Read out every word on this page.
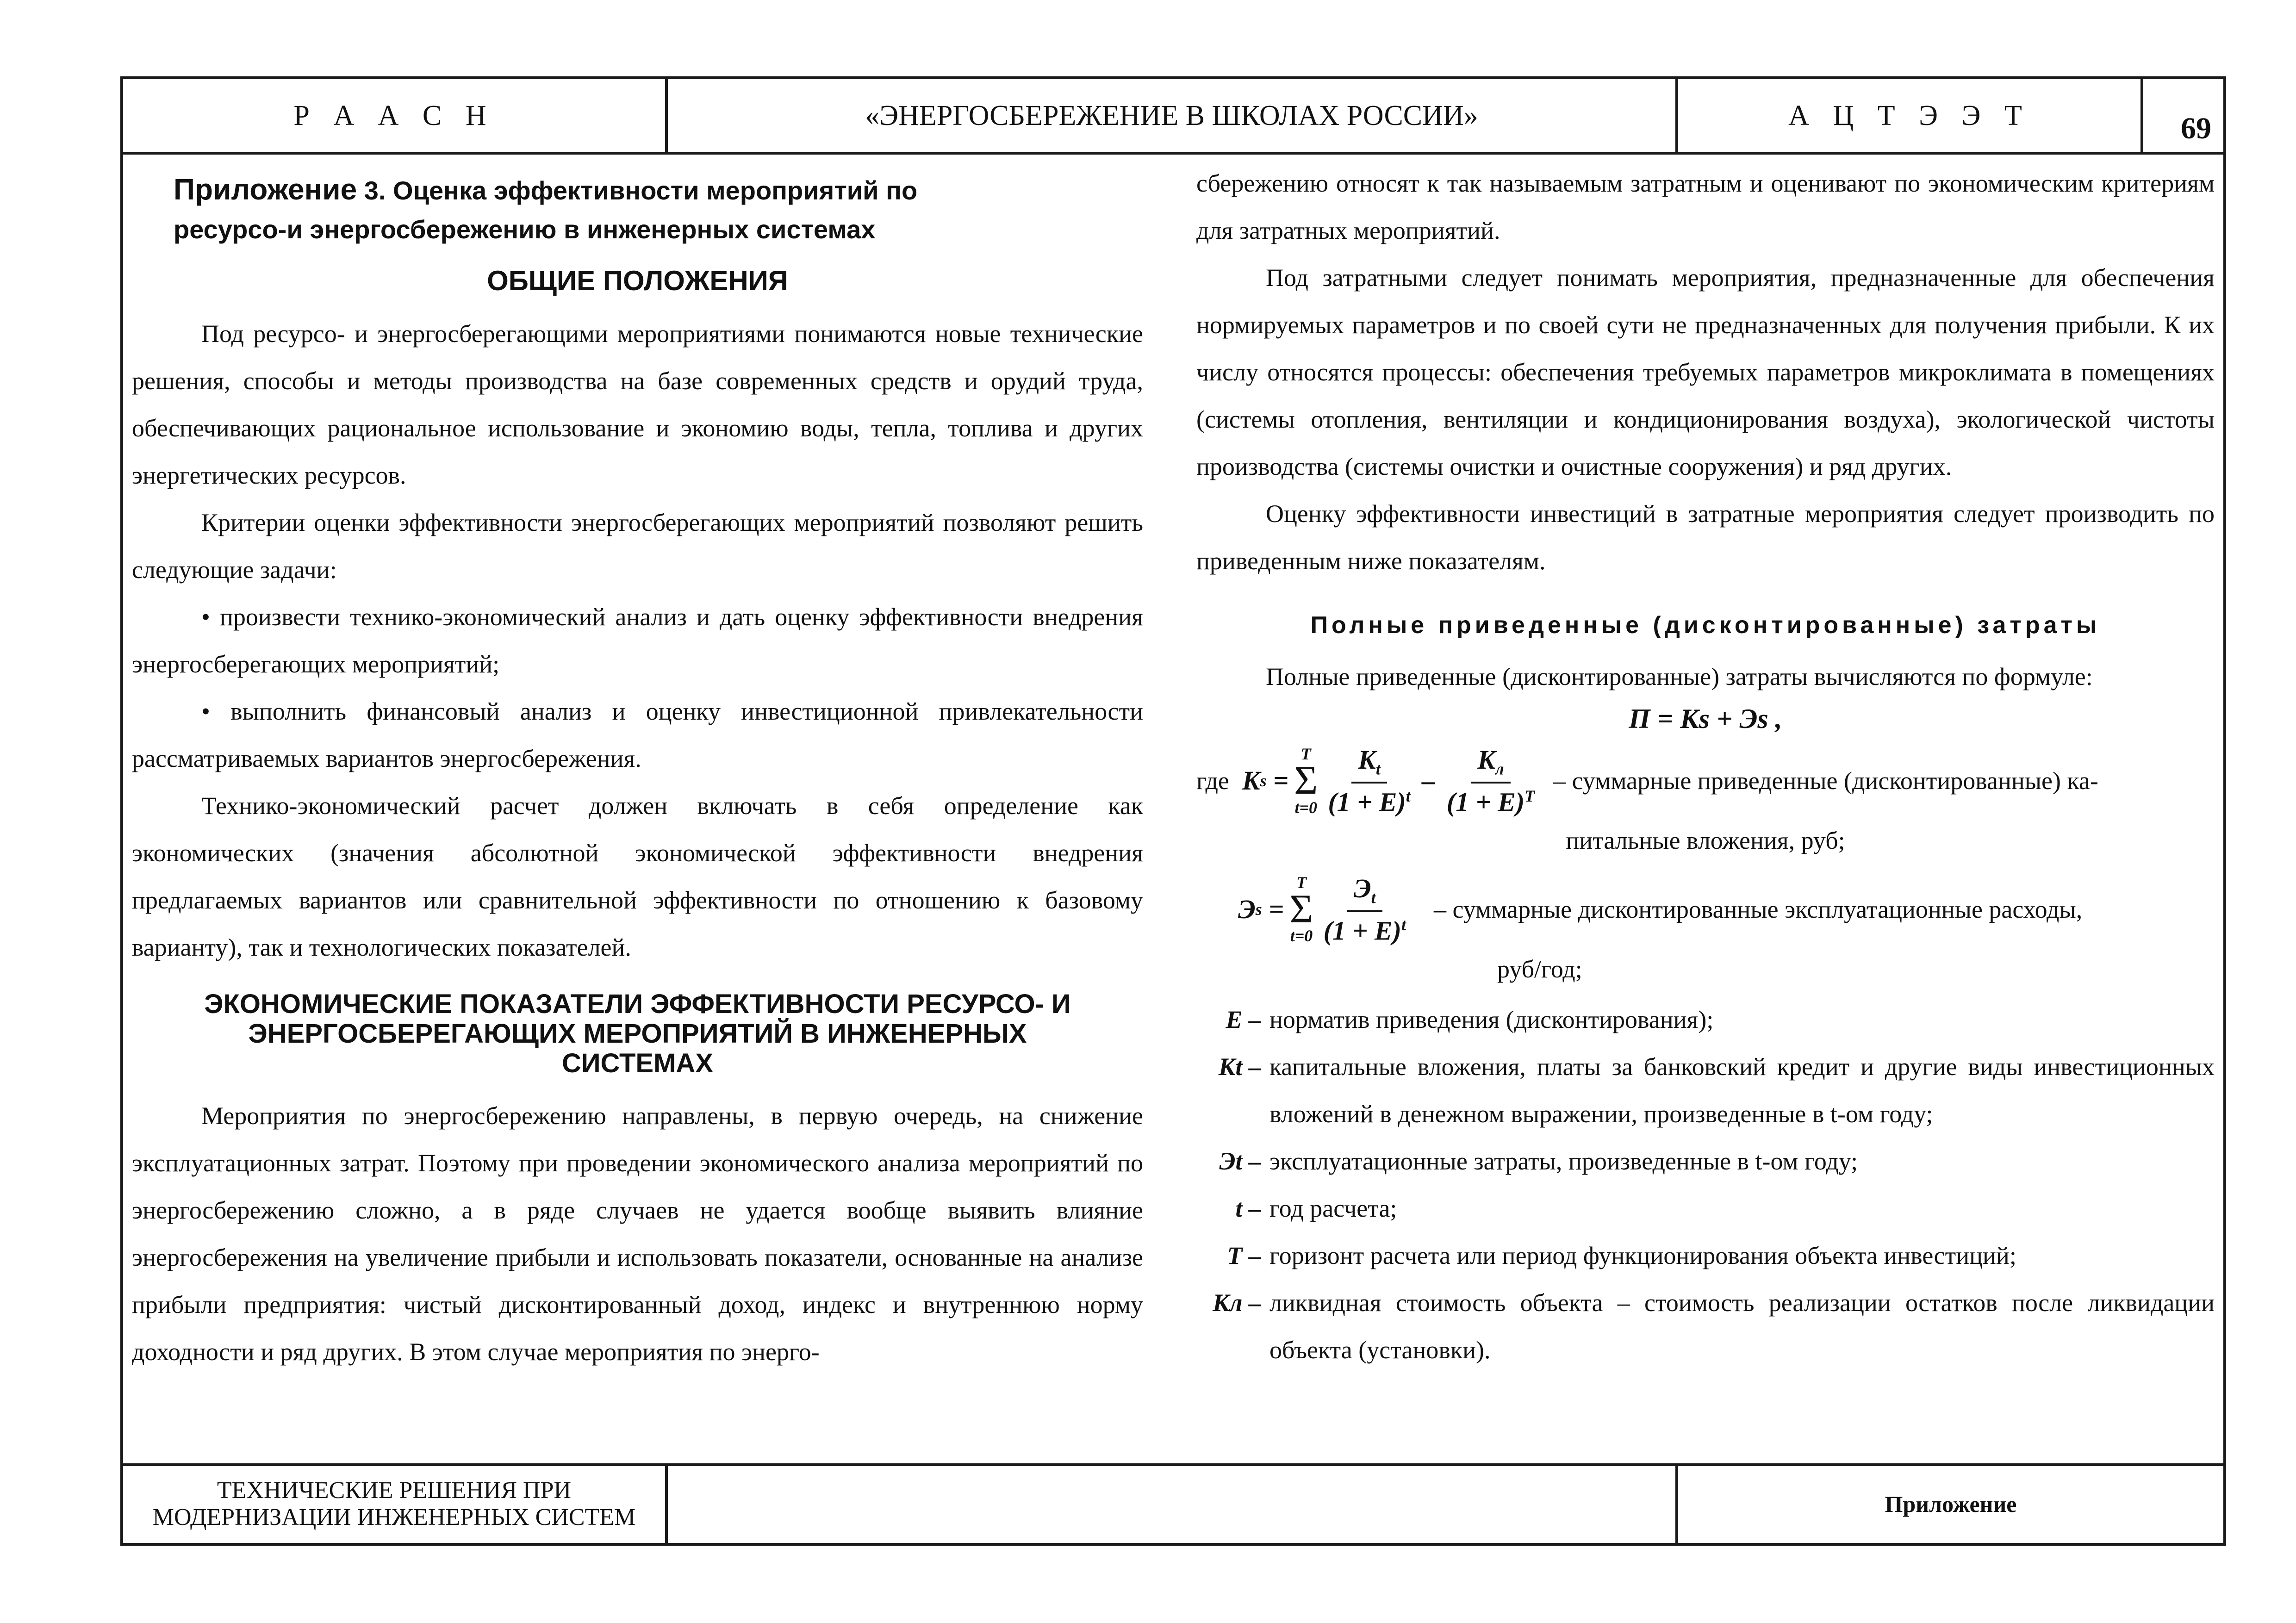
Р А А С Н	«ЭНЕРГОСБЕРЕЖЕНИЕ В ШКОЛАХ РОССИИ»	А Ц Т Э Э Т	69
Приложение 3. Оценка эффективности мероприятий по
ресурсо-и энергосбережению в инженерных системах
ОБЩИЕ ПОЛОЖЕНИЯ

Под ресурсо- и энергосберегающими мероприятиями понимаются новые технические решения, способы и методы производства на базе современных средств и орудий труда, обеспечивающих рациональное использование и экономию воды, тепла, топлива и других энергетических ресурсов.

Критерии оценки эффективности энергосберегающих мероприятий позволяют решить следующие задачи:

• произвести технико-экономический анализ и дать оценку эффективности внедрения энергосберегающих мероприятий;

• выполнить финансовый анализ и оценку инвестиционной привлекательности рассматриваемых вариантов энергосбережения.

Технико-экономический расчет должен включать в себя определение как экономических (значения абсолютной экономической эффективности внедрения предлагаемых вариантов или сравнительной эффективности по отношению к базовому варианту), так и технологических показателей.

ЭКОНОМИЧЕСКИЕ ПОКАЗАТЕЛИ ЭФФЕКТИВНОСТИ РЕСУРСО- И ЭНЕРГОСБЕРЕГАЮЩИХ МЕРОПРИЯТИЙ В ИНЖЕНЕРНЫХ СИСТЕМАХ

Мероприятия по энергосбережению направлены, в первую очередь, на снижение эксплуатационных затрат. Поэтому при проведении экономического анализа мероприятий по энергосбережению сложно, а в ряде случаев не удается вообще выявить влияние энергосбережения на увеличение прибыли и использовать показатели, основанные на анализе прибыли предприятия: чистый дисконтированный доход, индекс и внутреннюю норму доходности и ряд других. В этом случае мероприятия по энерго-

сбережению относят к так называемым затратным и оценивают по экономическим критериям для затратных мероприятий.

Под затратными следует понимать мероприятия, предназначенные для обеспечения нормируемых параметров и по своей сути не предназначенных для получения прибыли. К их числу относятся процессы: обеспечения требуемых параметров микроклимата в помещениях (системы отопления, вентиляции и кондиционирования воздуха), экологической чистоты производства (системы очистки и очистные сооружения) и ряд других.

Оценку эффективности инвестиций в затратные мероприятия следует производить по приведенным ниже показателям.

Полные приведенные (дисконтированные) затраты

Полные приведенные (дисконтированные) затраты вычисляются по формуле:

П = Кs + Эs ,
где K s =
T
Σ
$t=0 \frac{K_t}{(1 + E)^t} - \frac{K_л}{(1 + E)^T}$ – суммарные приведенные (дисконтированные) ка-
питальные вложения, руб;
Э s =
T
Σ
$t=0 \frac{Э_t}{(1 + E)^t}$ – суммарные дисконтированные эксплуатационные расходы,
руб/год;
E – норматив приведения (дисконтирования);
Кt – капитальные вложения, платы за банковский кредит и другие виды инвестиционных вложений в денежном выражении, произведенные в t-ом году;
Эt – эксплуатационные затраты, произведенные в t-ом году;
t – год расчета;
T – горизонт расчета или период функционирования объекта инвестиций;
Кл – ликвидная стоимость объекта – стоимость реализации остатков после ликвидации объекта (установки).
ТЕХНИЧЕСКИЕ РЕШЕНИЯ ПРИ
МОДЕРНИЗАЦИИ ИНЖЕНЕРНЫХ СИСТЕМ	Приложение
